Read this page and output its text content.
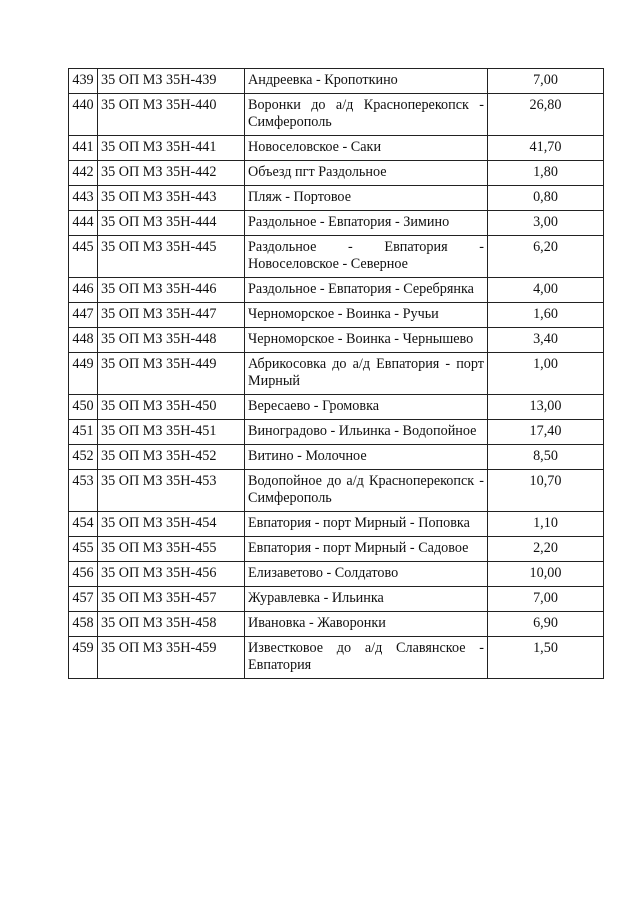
439	35 ОП МЗ 35Н-439	Андреевка - Кропоткино	7,00
440	35 ОП МЗ 35Н-440	Воронки до а/д Красноперекопск - Симферополь	26,80
441	35 ОП МЗ 35Н-441	Новоселовское - Саки	41,70
442	35 ОП МЗ 35Н-442	Объезд пгт Раздольное	1,80
443	35 ОП МЗ 35Н-443	Пляж - Портовое	0,80
444	35 ОП МЗ 35Н-444	Раздольное - Евпатория - Зимино	3,00
445	35 ОП МЗ 35Н-445	Раздольное - Евпатория - Новоселовское - Северное	6,20
446	35 ОП МЗ 35Н-446	Раздольное - Евпатория - Серебрянка	4,00
447	35 ОП МЗ 35Н-447	Черноморское - Воинка - Ручьи	1,60
448	35 ОП МЗ 35Н-448	Черноморское - Воинка - Чернышево	3,40
449	35 ОП МЗ 35Н-449	Абрикосовка до а/д Евпатория - порт Мирный	1,00
450	35 ОП МЗ 35Н-450	Вересаево - Громовка	13,00
451	35 ОП МЗ 35Н-451	Виноградово - Ильинка - Водопойное	17,40
452	35 ОП МЗ 35Н-452	Витино - Молочное	8,50
453	35 ОП МЗ 35Н-453	Водопойное до а/д Красноперекопск - Симферополь	10,70
454	35 ОП МЗ 35Н-454	Евпатория - порт Мирный - Поповка	1,10
455	35 ОП МЗ 35Н-455	Евпатория - порт Мирный - Садовое	2,20
456	35 ОП МЗ 35Н-456	Елизаветово - Солдатово	10,00
457	35 ОП МЗ 35Н-457	Журавлевка - Ильинка	7,00
458	35 ОП МЗ 35Н-458	Ивановка - Жаворонки	6,90
459	35 ОП МЗ 35Н-459	Известковое до а/д Славянское - Евпатория	1,50
